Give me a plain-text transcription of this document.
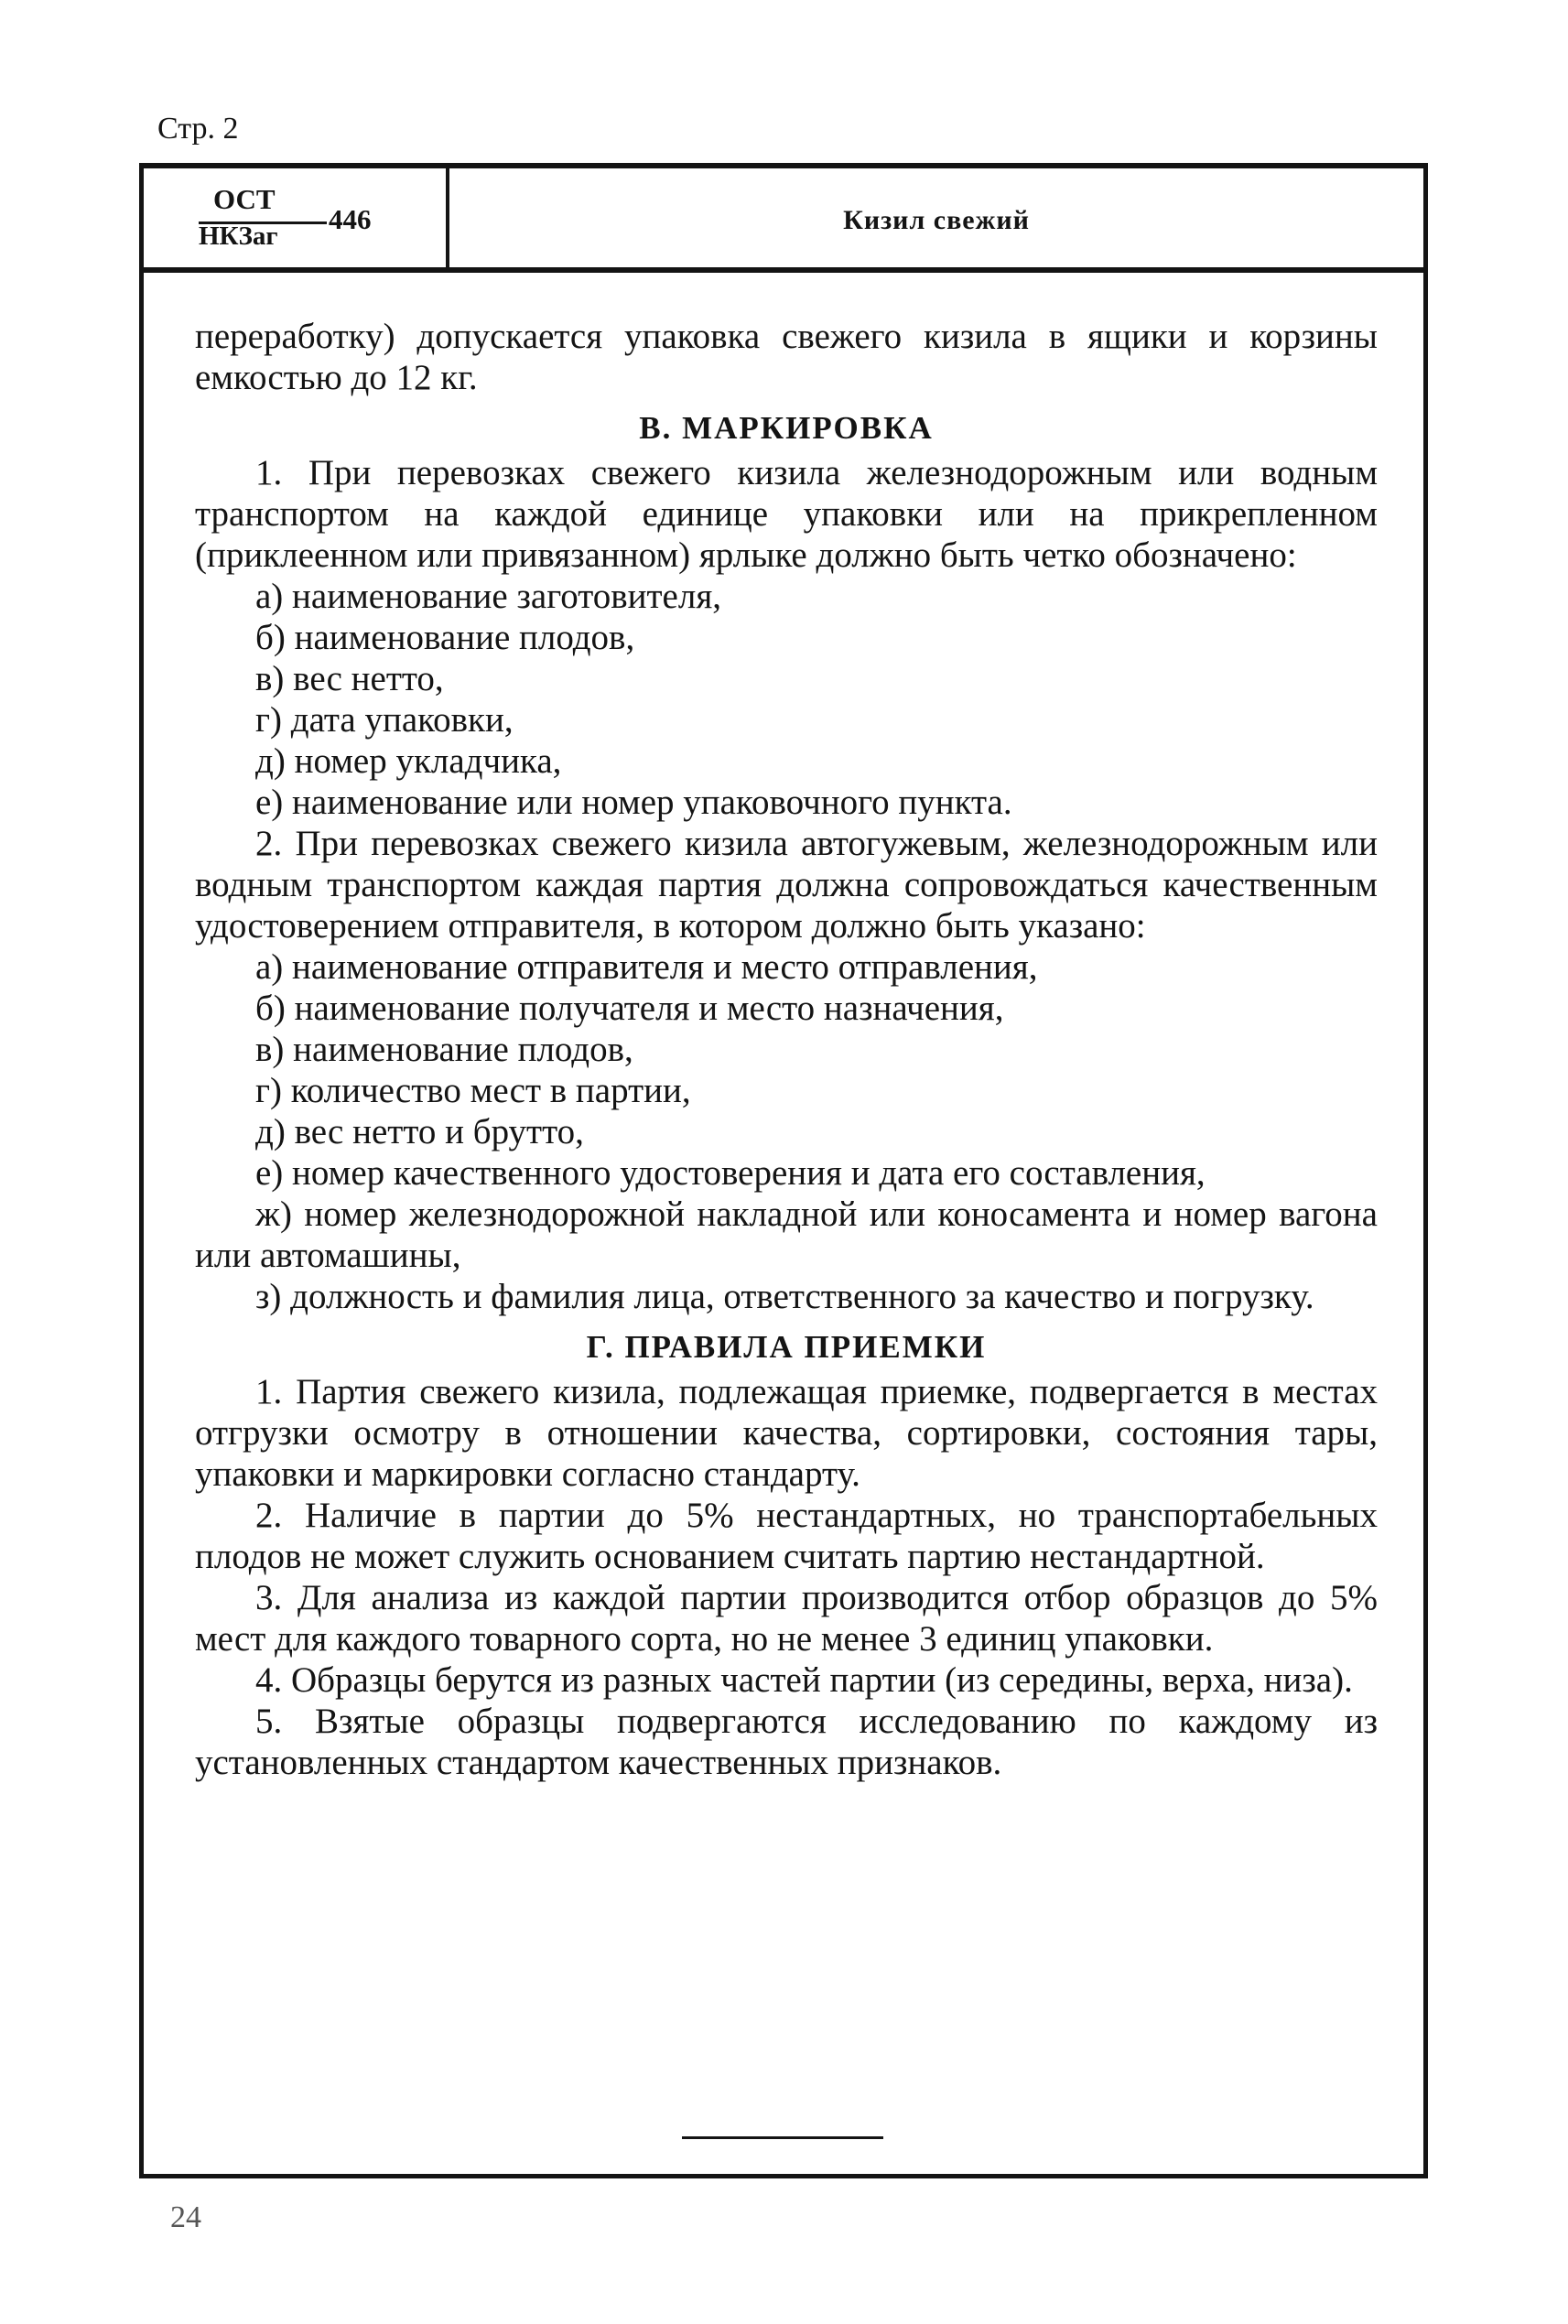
Стр. 2
ОСТ
НКЗаг
446	Кизил свежий

переработку) допускается упаковка свежего кизила в ящики и корзины емкостью до 12 кг.

В. МАРКИРОВКА

1. При перевозках свежего кизила железнодорожным или водным транспортом на каждой единице упаковки или на прикрепленном (приклеенном или привязанном) ярлыке должно быть четко обозначено:

а) наименование заготовителя,

б) наименование плодов,

в) вес нетто,

г) дата упаковки,

д) номер укладчика,

е) наименование или номер упаковочного пункта.

2. При перевозках свежего кизила автогужевым, железнодорожным или водным транспортом каждая партия должна сопровождаться качественным удостоверением отправителя, в котором должно быть указано:

а) наименование отправителя и место отправления,

б) наименование получателя и место назначения,

в) наименование плодов,

г) количество мест в партии,

д) вес нетто и брутто,

е) номер качественного удостоверения и дата его составления,

ж) номер железнодорожной накладной или коносамента и номер вагона или автомашины,

з) должность и фамилия лица, ответственного за качество и погрузку.

Г. ПРАВИЛА ПРИЕМКИ

1. Партия свежего кизила, подлежащая приемке, подвергается в местах отгрузки осмотру в отношении качества, сортировки, состояния тары, упаковки и маркировки согласно стандарту.

2. Наличие в партии до 5% нестандартных, но транспортабельных плодов не может служить основанием считать партию нестандартной.

3. Для анализа из каждой партии производится отбор образцов до 5% мест для каждого товарного сорта, но не менее 3 единиц упаковки.

4. Образцы берутся из разных частей партии (из середины, верха, низа).

5. Взятые образцы подвергаются исследованию по каждому из установленных стандартом качественных признаков.

24
